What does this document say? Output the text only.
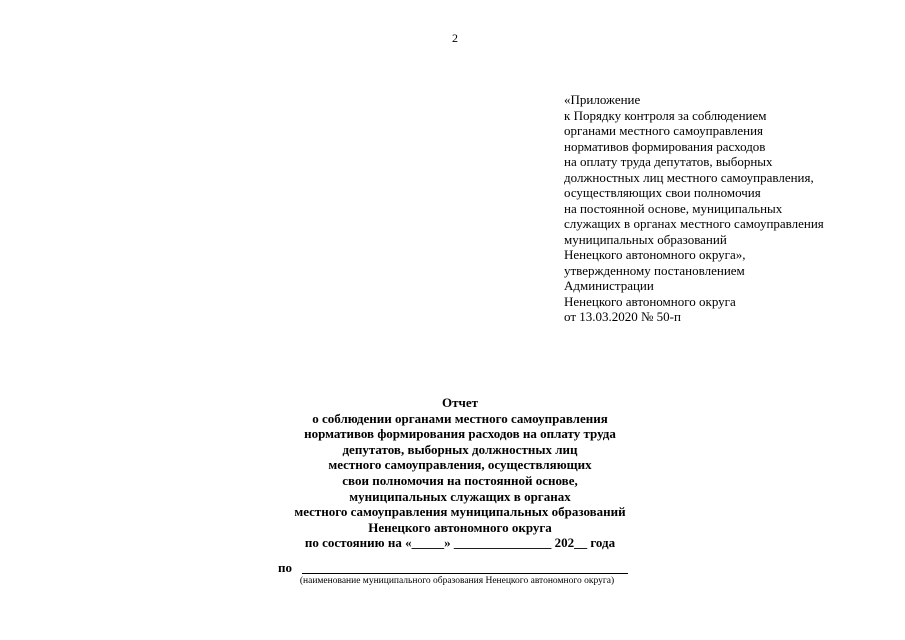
2
«Приложение
к Порядку контроля за соблюдением
органами местного самоуправления
нормативов формирования расходов
на оплату труда депутатов, выборных
должностных лиц местного самоуправления,
осуществляющих свои полномочия
на постоянной основе, муниципальных
служащих в органах местного самоуправления
муниципальных образований
Ненецкого автономного округа»,
утвержденному постановлением
Администрации
Ненецкого автономного округа
от 13.03.2020 № 50-п
Отчет
о соблюдении органами местного самоуправления
нормативов формирования расходов на оплату труда
депутатов, выборных должностных лиц
местного самоуправления, осуществляющих
свои полномочия на постоянной основе,
муниципальных служащих в органах
местного самоуправления муниципальных образований
Ненецкого автономного округа
по состоянию на «_____» _______________ 202__ года
по
(наименование муниципального образования Ненецкого автономного округа)
